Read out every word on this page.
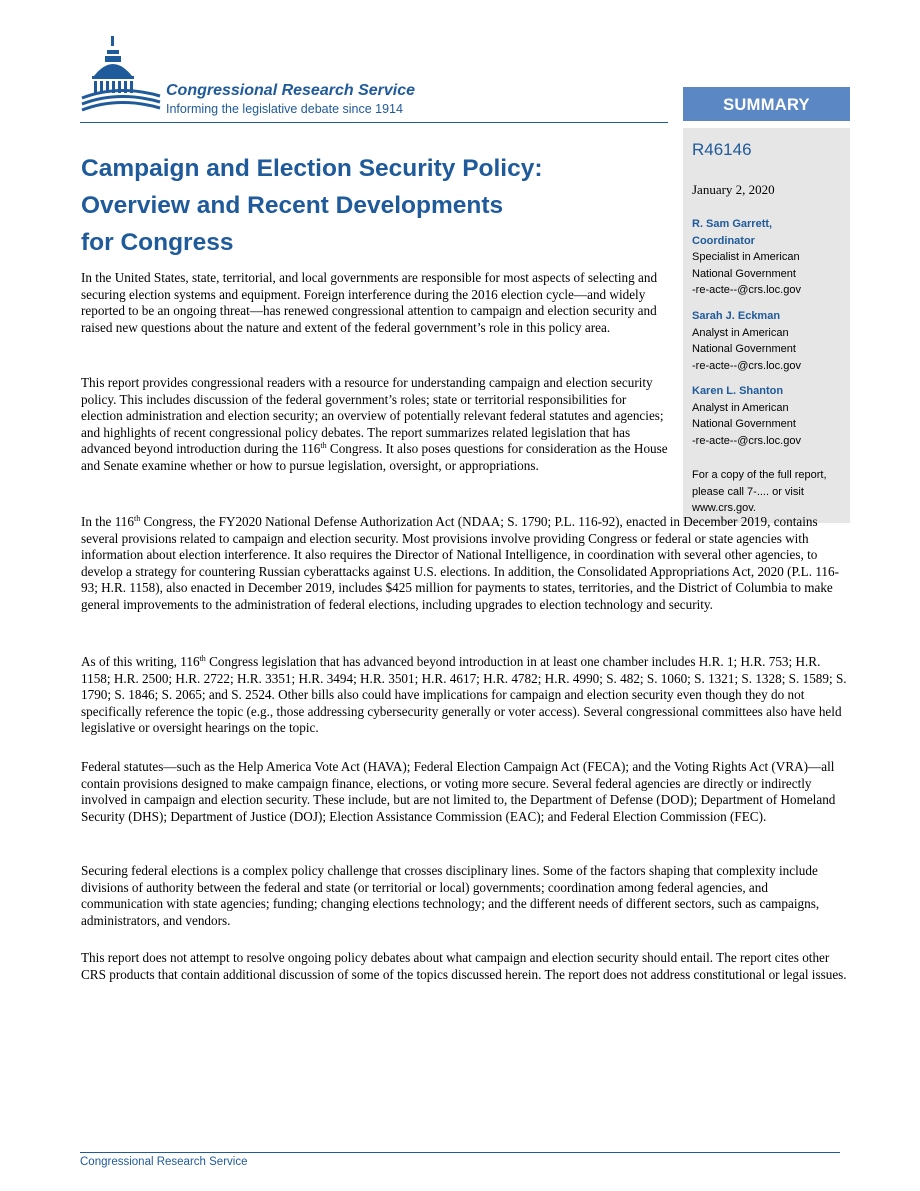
Congressional Research Service
Informing the legislative debate since 1914	SUMMARY
R46146
January 2, 2020
R. Sam Garrett,
Coordinator
Specialist in American
National Government
-re-acte--@crs.loc.gov
Sarah J. Eckman
Analyst in American
National Government
-re-acte--@crs.loc.gov
Karen L. Shanton
Analyst in American
National Government
-re-acte--@crs.loc.gov
For a copy of the full report, please call 7-.... or visit www.crs.gov.
Campaign and Election Security Policy:
Overview and Recent Developments
for Congress

In the United States, state, territorial, and local governments are responsible for most aspects of selecting and securing election systems and equipment. Foreign interference during the 2016 election cycle—and widely reported to be an ongoing threat—has renewed congressional attention to campaign and election security and raised new questions about the nature and extent of the federal government’s role in this policy area.

This report provides congressional readers with a resource for understanding campaign and election security policy. This includes discussion of the federal government’s roles; state or territorial responsibilities for election administration and election security; an overview of potentially relevant federal statutes and agencies; and highlights of recent congressional policy debates. The report summarizes related legislation that has advanced beyond introduction during the 116th Congress. It also poses questions for consideration as the House and Senate examine whether or how to pursue legislation, oversight, or appropriations.

In the 116th Congress, the FY2020 National Defense Authorization Act (NDAA; S. 1790; P.L. 116-92), enacted in December 2019, contains several provisions related to campaign and election security. Most provisions involve providing Congress or federal or state agencies with information about election interference. It also requires the Director of National Intelligence, in coordination with several other agencies, to develop a strategy for countering Russian cyberattacks against U.S. elections. In addition, the Consolidated Appropriations Act, 2020 (P.L. 116-93; H.R. 1158), also enacted in December 2019, includes $425 million for payments to states, territories, and the District of Columbia to make general improvements to the administration of federal elections, including upgrades to election technology and security.

As of this writing, 116th Congress legislation that has advanced beyond introduction in at least one chamber includes H.R. 1; H.R. 753; H.R. 1158; H.R. 2500; H.R. 2722; H.R. 3351; H.R. 3494; H.R. 3501; H.R. 4617; H.R. 4782; H.R. 4990; S. 482; S. 1060; S. 1321; S. 1328; S. 1589; S. 1790; S. 1846; S. 2065; and S. 2524. Other bills also could have implications for campaign and election security even though they do not specifically reference the topic (e.g., those addressing cybersecurity generally or voter access). Several congressional committees also have held legislative or oversight hearings on the topic.

Federal statutes—such as the Help America Vote Act (HAVA); Federal Election Campaign Act (FECA); and the Voting Rights Act (VRA)—all contain provisions designed to make campaign finance, elections, or voting more secure. Several federal agencies are directly or indirectly involved in campaign and election security. These include, but are not limited to, the Department of Defense (DOD); Department of Homeland Security (DHS); Department of Justice (DOJ); Election Assistance Commission (EAC); and Federal Election Commission (FEC).

Securing federal elections is a complex policy challenge that crosses disciplinary lines. Some of the factors shaping that complexity include divisions of authority between the federal and state (or territorial or local) governments; coordination among federal agencies, and communication with state agencies; funding; changing elections technology; and the different needs of different sectors, such as campaigns, administrators, and vendors.

This report does not attempt to resolve ongoing policy debates about what campaign and election security should entail. The report cites other CRS products that contain additional discussion of some of the topics discussed herein. The report does not address constitutional or legal issues.

Congressional Research Service
